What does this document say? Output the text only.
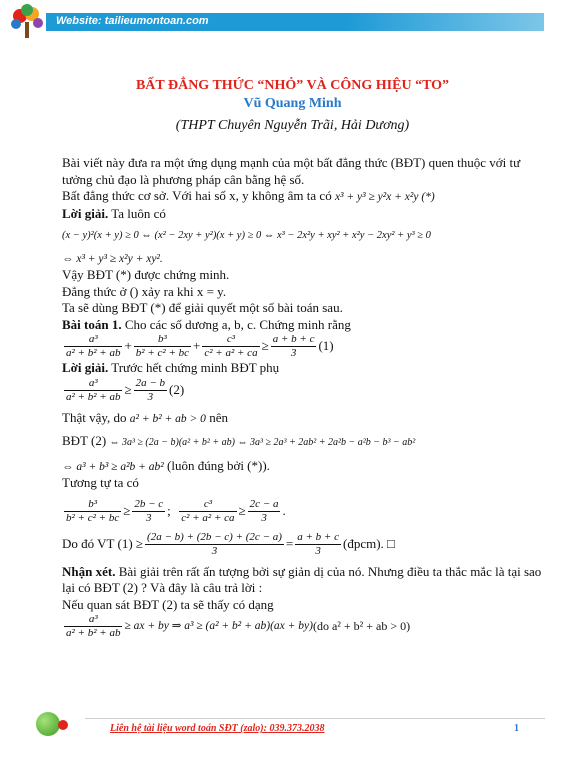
Website: tailieumontoan.com
BẤT ĐẲNG THỨC “NHỎ” VÀ CÔNG HIỆU “TO”
Vũ Quang Minh
(THPT Chuyên Nguyễn Trãi, Hải Dương)

Bài viết này đưa ra một ứng dụng mạnh của một bất đẳng thức (BĐT) quen thuộc với tư tưởng chủ đạo là phương pháp cân bằng hệ số.

Bất đẳng thức cơ sở. Với hai số x, y không âm ta có x³ + y³ ≥ y²x + x²y (*)

Lời giải. Ta luôn có

(x − y)²(x + y) ≥ 0 ⇔ (x² − 2xy + y²)(x + y) ≥ 0 ⇔ x³ − 2x²y + xy² + x²y − 2xy² + y³ ≥ 0

⇔ x³ + y³ ≥ x²y + xy².

Vậy BĐT (*) được chứng minh.

Đẳng thức ở () xảy ra khi x = y.

Ta sẽ dùng BĐT (*) để giải quyết một số bài toán sau.

Bài toán 1. Cho các số dương a, b, c. Chứng minh rằng

$\frac{\text{a³}}{\text{a² + b² + ab}} + \frac{\text{b³}}{\text{b² + c² + bc}} + \frac{\text{c³}}{\text{c² + a² + ca}} \ge \frac{a + b + c}{3} (1)$

Lời giải. Trước hết chứng minh BĐT phụ

$\frac{\text{a³}}{\text{a² + b² + ab}} \ge \frac{2a - b}{3} (2)$

Thật vậy, do a² + b² + ab > 0 nên

BĐT (2) ⇔ 3a³ ≥ (2a − b)(a² + b² + ab) ⇔ 3a³ ≥ 2a³ + 2ab² + 2a²b − a²b − b³ − ab²

⇔ a³ + b³ ≥ a²b + ab² (luôn đúng bởi (*)).

Tương tự ta có

$\frac{\text{b³}}{\text{b² + c² + bc}} \ge \frac{2b - c}{3}$ ; $\frac{\text{c³}}{\text{c² + a² + ca}} \ge \frac{2c - a}{3}$ .
Do đó VT $(1) \ge \frac{(2a - b) + (2b - c) + (2c - a)}{3} = \frac{a + b + c}{3}$ (đpcm). □

Nhận xét. Bài giải trên rất ấn tượng bởi sự giản dị của nó. Nhưng điều ta thắc mắc là tại sao lại có BĐT (2) ? Và đây là câu trả lời :

Nếu quan sát BĐT (2) ta sẽ thấy có dạng

$\frac{\text{a³}}{\text{a² + b² + ab}}$ ≥ ax + by ⇒ a³ ≥ (a² + b² + ab)(ax + by) (do a² + b² + ab > 0)
Liên hệ tài liệu word toán SĐT (zalo): 039.373.2038	1
